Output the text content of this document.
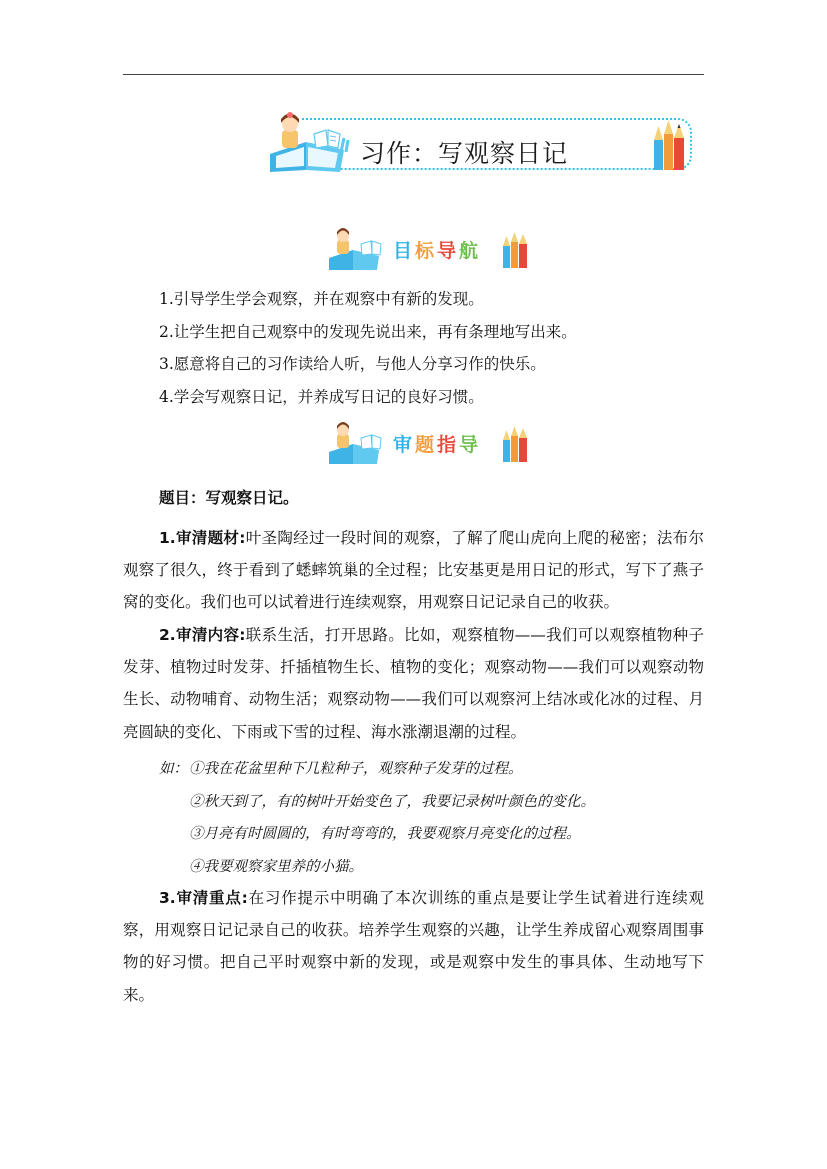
习作：写观察日记
目标导航
1.引导学生学会观察，并在观察中有新的发现。
2.让学生把自己观察中的发现先说出来，再有条理地写出来。
3.愿意将自己的习作读给人听，与他人分享习作的快乐。
4.学会写观察日记，并养成写日记的良好习惯。
审题指导
题目：写观察日记。
1.审清题材:叶圣陶经过一段时间的观察，了解了爬山虎向上爬的秘密；法布尔观察了很久，终于看到了蟋蟀筑巢的全过程；比安基更是用日记的形式，写下了燕子窝的变化。我们也可以试着进行连续观察，用观察日记记录自己的收获。
2.审清内容:联系生活，打开思路。比如，观察植物——我们可以观察植物种子发芽、植物过时发芽、扦插植物生长、植物的变化；观察动物——我们可以观察动物生长、动物哺育、动物生活；观察动物——我们可以观察河上结冰或化冰的过程、月亮圆缺的变化、下雨或下雪的过程、海水涨潮退潮的过程。
如： ①我在花盆里种下几粒种子，观察种子发芽的过程。
②秋天到了，有的树叶开始变色了，我要记录树叶颜色的变化。
③月亮有时圆圆的，有时弯弯的，我要观察月亮变化的过程。
④我要观察家里养的小猫。
3.审清重点:在习作提示中明确了本次训练的重点是要让学生试着进行连续观察，用观察日记记录自己的收获。培养学生观察的兴趣，让学生养成留心观察周围事物的好习惯。把自己平时观察中新的发现，或是观察中发生的事具体、生动地写下来。
